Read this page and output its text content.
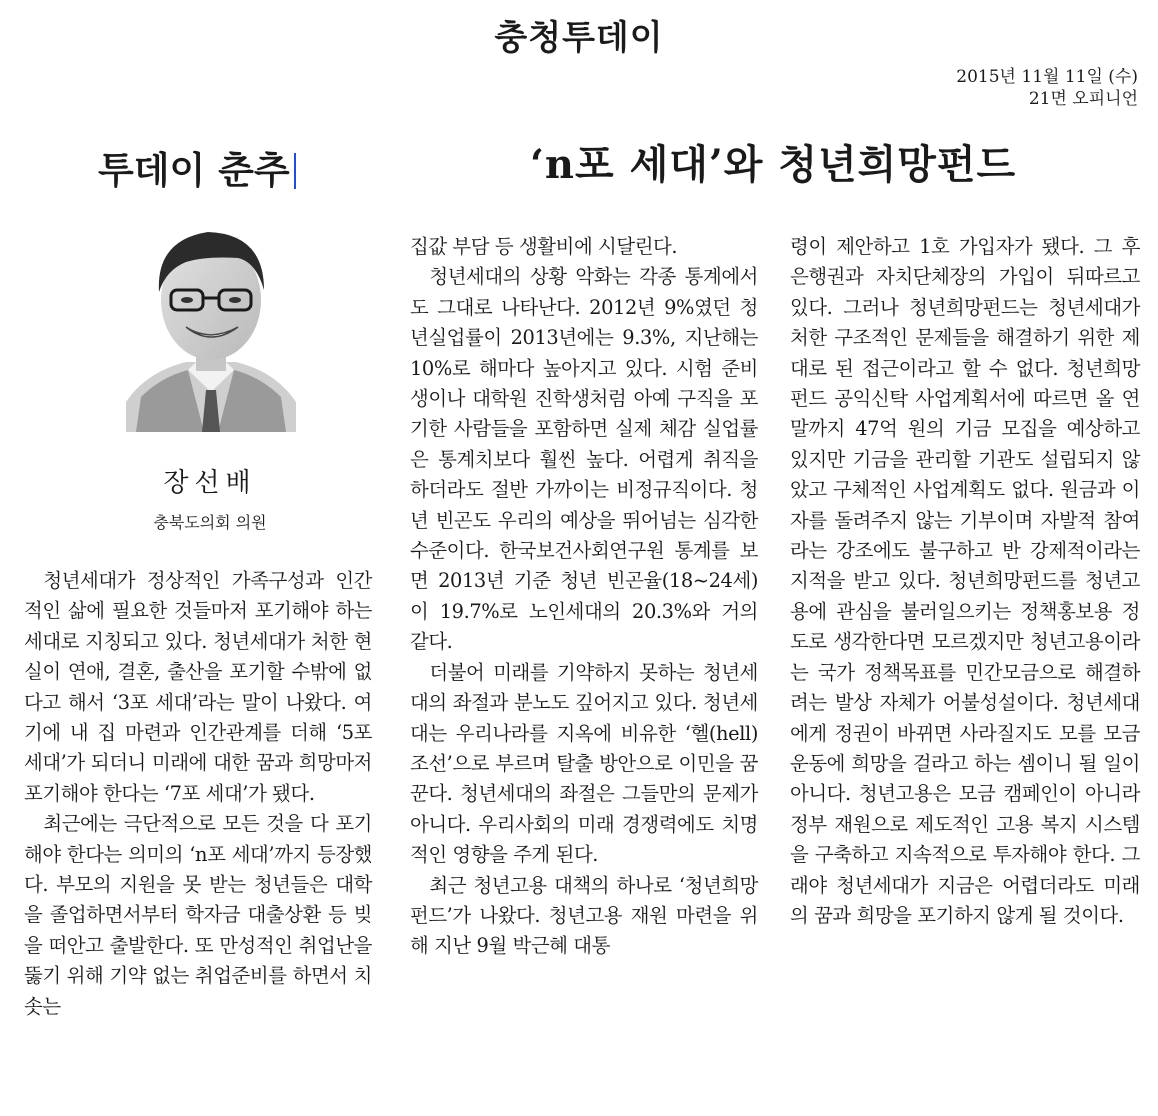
충청투데이
2015년 11월 11일 (수)
21면 오피니언
투데이 춘추	‘n포 세대’와 청년희망펀드
장선배
충북도의회 의원

청년세대가 정상적인 가족구성과 인간적인 삶에 필요한 것들마저 포기해야 하는 세대로 지칭되고 있다. 청년세대가 처한 현실이 연애, 결혼, 출산을 포기할 수밖에 없다고 해서 ‘3포 세대’라는 말이 나왔다. 여기에 내 집 마련과 인간관계를 더해 ‘5포 세대’가 되더니 미래에 대한 꿈과 희망마저 포기해야 한다는 ‘7포 세대’가 됐다.

최근에는 극단적으로 모든 것을 다 포기해야 한다는 의미의 ‘n포 세대’까지 등장했다. 부모의 지원을 못 받는 청년들은 대학을 졸업하면서부터 학자금 대출상환 등 빚을 떠안고 출발한다. 또 만성적인 취업난을 뚫기 위해 기약 없는 취업준비를 하면서 치솟는

집값 부담 등 생활비에 시달린다.

청년세대의 상황 악화는 각종 통계에서도 그대로 나타난다. 2012년 9%였던 청년실업률이 2013년에는 9.3%, 지난해는 10%로 해마다 높아지고 있다. 시험 준비생이나 대학원 진학생처럼 아예 구직을 포기한 사람들을 포함하면 실제 체감 실업률은 통계치보다 훨씬 높다. 어렵게 취직을 하더라도 절반 가까이는 비정규직이다. 청년 빈곤도 우리의 예상을 뛰어넘는 심각한 수준이다. 한국보건사회연구원 통계를 보면 2013년 기준 청년 빈곤율(18~24세)이 19.7%로 노인세대의 20.3%와 거의 같다.

더불어 미래를 기약하지 못하는 청년세대의 좌절과 분노도 깊어지고 있다. 청년세대는 우리나라를 지옥에 비유한 ‘헬(hell)조선’으로 부르며 탈출 방안으로 이민을 꿈꾼다. 청년세대의 좌절은 그들만의 문제가 아니다. 우리사회의 미래 경쟁력에도 치명적인 영향을 주게 된다.

최근 청년고용 대책의 하나로 ‘청년희망펀드’가 나왔다. 청년고용 재원 마련을 위해 지난 9월 박근혜 대통

령이 제안하고 1호 가입자가 됐다. 그 후 은행권과 자치단체장의 가입이 뒤따르고 있다. 그러나 청년희망펀드는 청년세대가 처한 구조적인 문제들을 해결하기 위한 제대로 된 접근이라고 할 수 없다. 청년희망펀드 공익신탁 사업계획서에 따르면 올 연말까지 47억 원의 기금 모집을 예상하고 있지만 기금을 관리할 기관도 설립되지 않았고 구체적인 사업계획도 없다. 원금과 이자를 돌려주지 않는 기부이며 자발적 참여라는 강조에도 불구하고 반 강제적이라는 지적을 받고 있다. 청년희망펀드를 청년고용에 관심을 불러일으키는 정책홍보용 정도로 생각한다면 모르겠지만 청년고용이라는 국가 정책목표를 민간모금으로 해결하려는 발상 자체가 어불성설이다. 청년세대에게 정권이 바뀌면 사라질지도 모를 모금운동에 희망을 걸라고 하는 셈이니 될 일이 아니다. 청년고용은 모금 캠페인이 아니라 정부 재원으로 제도적인 고용 복지 시스템을 구축하고 지속적으로 투자해야 한다. 그래야 청년세대가 지금은 어렵더라도 미래의 꿈과 희망을 포기하지 않게 될 것이다.
